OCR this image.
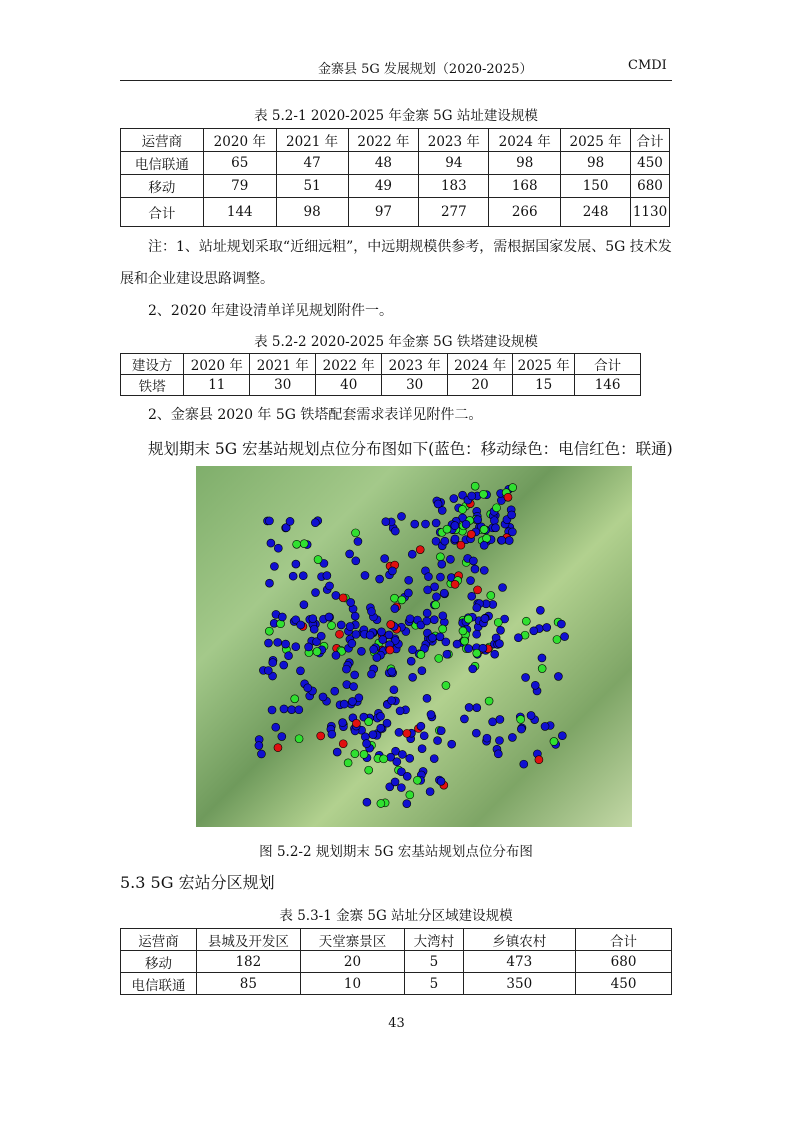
金寨县 5G 发展规划（2020-2025）	CMDI
表 5.2-1 2020-2025 年金寨 5G 站址建设规模
运营商	2020 年	2021 年	2022 年	2023 年	2024 年	2025 年	合计
电信联通	65	47	48	94	98	98	450
移动	79	51	49	183	168	150	680
合计	144	98	97	277	266	248	1130
注：1、站址规划采取“近细远粗”，中远期规模供参考，需根据国家发展、5G 技术发
展和企业建设思路调整。
2、2020 年建设清单详见规划附件一。
表 5.2-2 2020-2025 年金寨 5G 铁塔建设规模
建设方	2020 年	2021 年	2022 年	2023 年	2024 年	2025 年	合计
铁塔	11	30	40	30	20	15	146
2、金寨县 2020 年 5G 铁塔配套需求表详见附件二。
规划期末 5G 宏基站规划点位分布图如下(蓝色：移动绿色：电信红色：联通)
图 5.2-2 规划期末 5G 宏基站规划点位分布图
5.3 5G 宏站分区规划
表 5.3-1 金寨 5G 站址分区域建设规模
运营商	县城及开发区	天堂寨景区	大湾村	乡镇农村	合计
移动	182	20	5	473	680
电信联通	85	10	5	350	450
43
